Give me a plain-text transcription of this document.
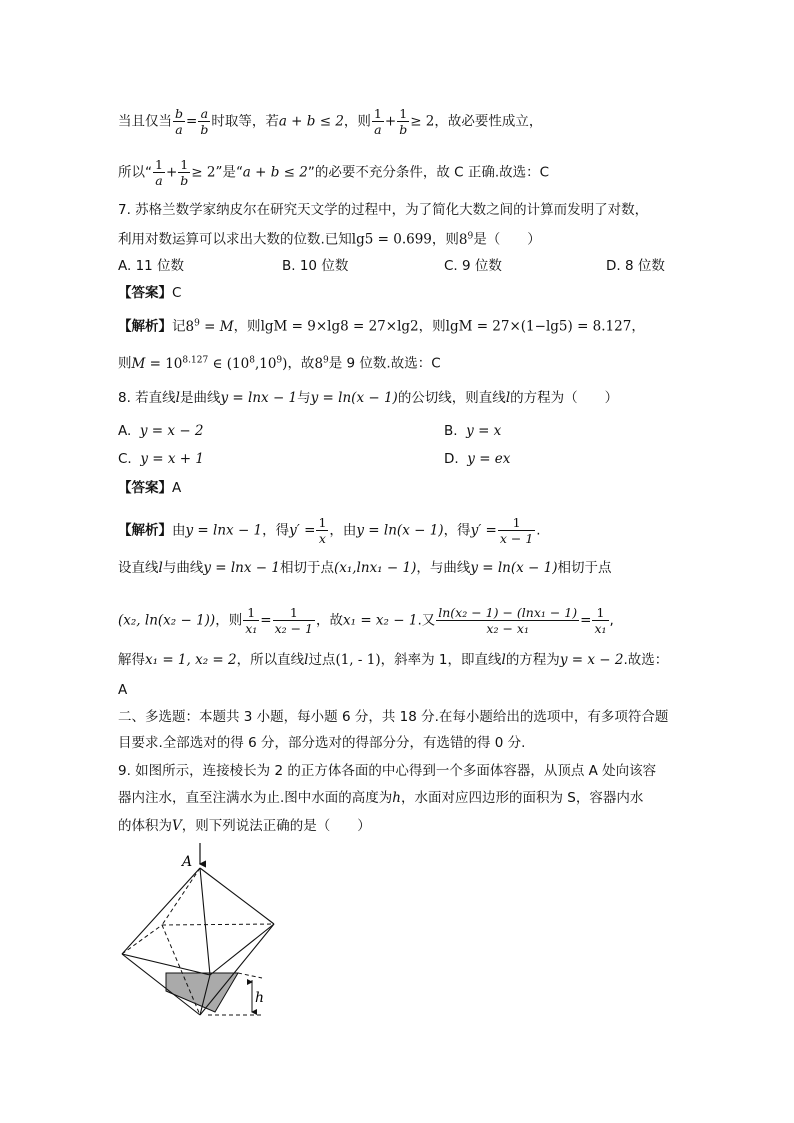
当且仅当 $\frac{b}{a} = \frac{a}{b}$ 时取等，若a + b ≤ 2，则 $\frac{1}{a} + \frac{1}{b} \ge 2$，故必要性成立，
所以“ $\frac{1}{a} + \frac{1}{b} \ge 2$”是“a + b ≤ 2”的必要不充分条件，故 C 正确.故选：C
7. 苏格兰数学家纳皮尔在研究天文学的过程中，为了简化大数之间的计算而发明了对数，
利用对数运算可以求出大数的位数.已知lg5 = 0.699，则$8^9$是（　　）
A. 11 位数	B. 10 位数	C. 9 位数	D. 8 位数
【答案】C
【解析】记$8^9 = M$，则lgM = 9×lg8 = 27×lg2，则lgM = 27×(1−lg5) = 8.127，
则$M = 10^{8.127}$ ∈ $(10^8,10^9)$，故$8^9$是 9 位数.故选：C
8. 若直线l是曲线y = lnx − 1与y = ln(x − 1)的公切线，则直线l的方程为（　　）
A. y = x − 2	B. y = x
C. y = x + 1	D. y = ex
【答案】A
【解析】由y = lnx − 1，得$y' = \frac{1}{x}$ ，由y = ln(x − 1)，得$y' = \frac{1}{x - 1}$ .
设直线l与曲线y = lnx − 1相切于点(x₁,lnx₁ − 1)，与曲线y = ln(x − 1)相切于点
(x₂, ln(x₂ − 1))，则 $\frac{1}{\text{x₁}} = \frac{1}{\text{x₂ − 1}}$ ，故x₁ = x₂ − 1.又 $\frac{\text{ln(x₂ − 1) − (lnx₁ − 1)}}{\text{x₂ − x₁}} = \frac{1}{\text{x₁}}$ ,
解得x₁ = 1, x₂ = 2，所以直线l过点(1, - 1)，斜率为 1，即直线l的方程为y = x − 2.故选：
A
二、多选题：本题共 3 小题，每小题 6 分，共 18 分.在每小题给出的选项中，有多项符合题
目要求.全部选对的得 6 分，部分选对的得部分分，有选错的得 0 分.
9. 如图所示，连接棱长为 2 的正方体各面的中心得到一个多面体容器，从顶点 A 处向该容
器内注水，直至注满水为止.图中水面的高度为h，水面对应四边形的面积为 S，容器内水
的体积为V，则下列说法正确的是（　　）
A
h
